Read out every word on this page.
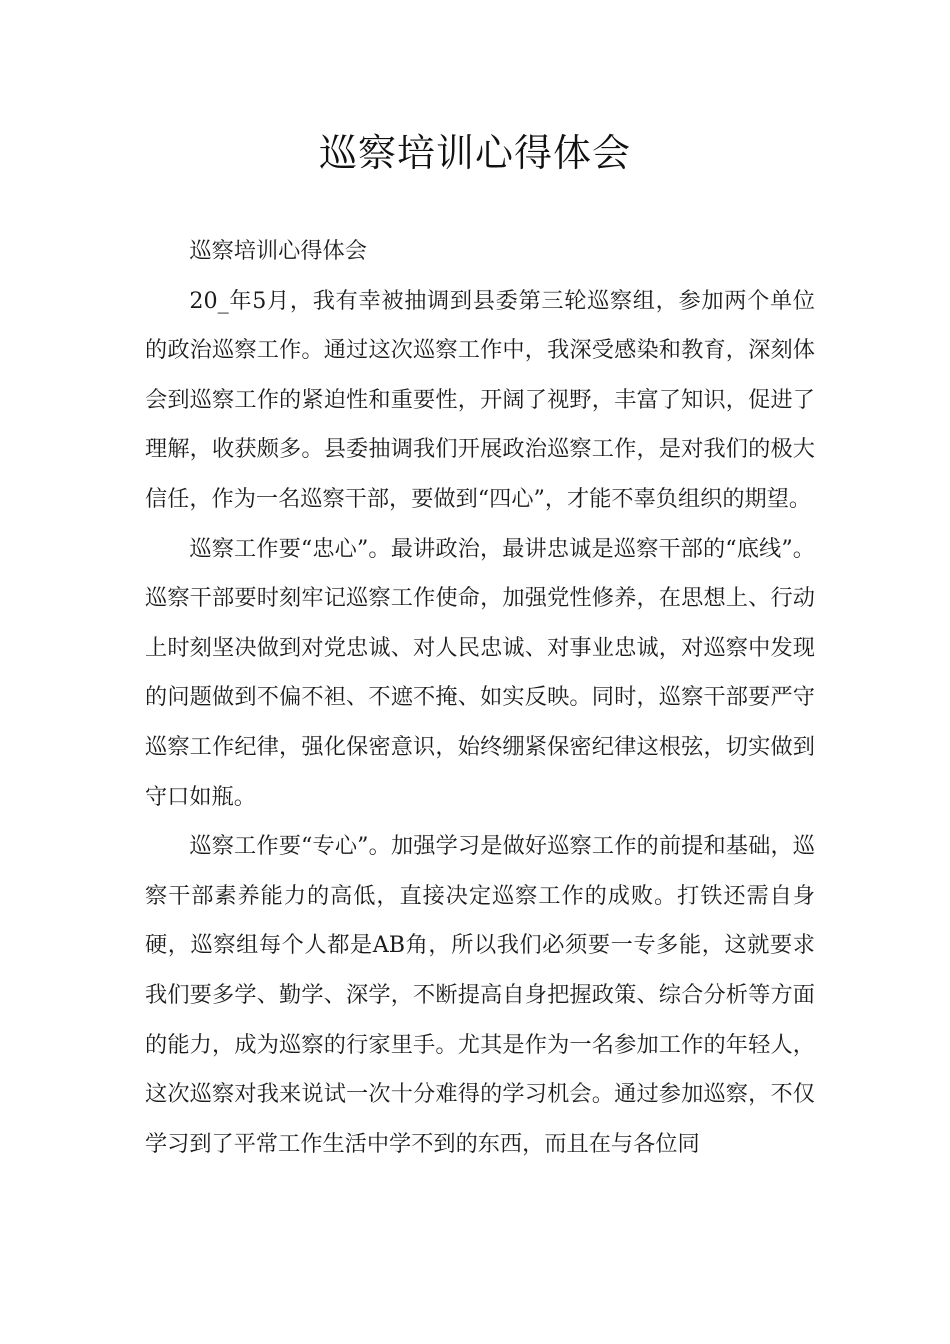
巡察培训心得体会

巡察培训心得体会

20_年5月，我有幸被抽调到县委第三轮巡察组，参加两个单位的政治巡察工作。通过这次巡察工作中，我深受感染和教育，深刻体会到巡察工作的紧迫性和重要性，开阔了视野，丰富了知识，促进了理解，收获颇多。县委抽调我们开展政治巡察工作，是对我们的极大信任，作为一名巡察干部，要做到“四心”，才能不辜负组织的期望。

巡察工作要“忠心”。最讲政治，最讲忠诚是巡察干部的“底线”。巡察干部要时刻牢记巡察工作使命，加强党性修养，在思想上、行动上时刻坚决做到对党忠诚、对人民忠诚、对事业忠诚，对巡察中发现的问题做到不偏不袒、不遮不掩、如实反映。同时，巡察干部要严守巡察工作纪律，强化保密意识，始终绷紧保密纪律这根弦，切实做到守口如瓶。

巡察工作要“专心”。加强学习是做好巡察工作的前提和基础，巡察干部素养能力的高低，直接决定巡察工作的成败。打铁还需自身硬，巡察组每个人都是AB角，所以我们必须要一专多能，这就要求我们要多学、勤学、深学，不断提高自身把握政策、综合分析等方面的能力，成为巡察的行家里手。尤其是作为一名参加工作的年轻人，这次巡察对我来说试一次十分难得的学习机会。通过参加巡察，不仅学习到了平常工作生活中学不到的东西，而且在与各位同
